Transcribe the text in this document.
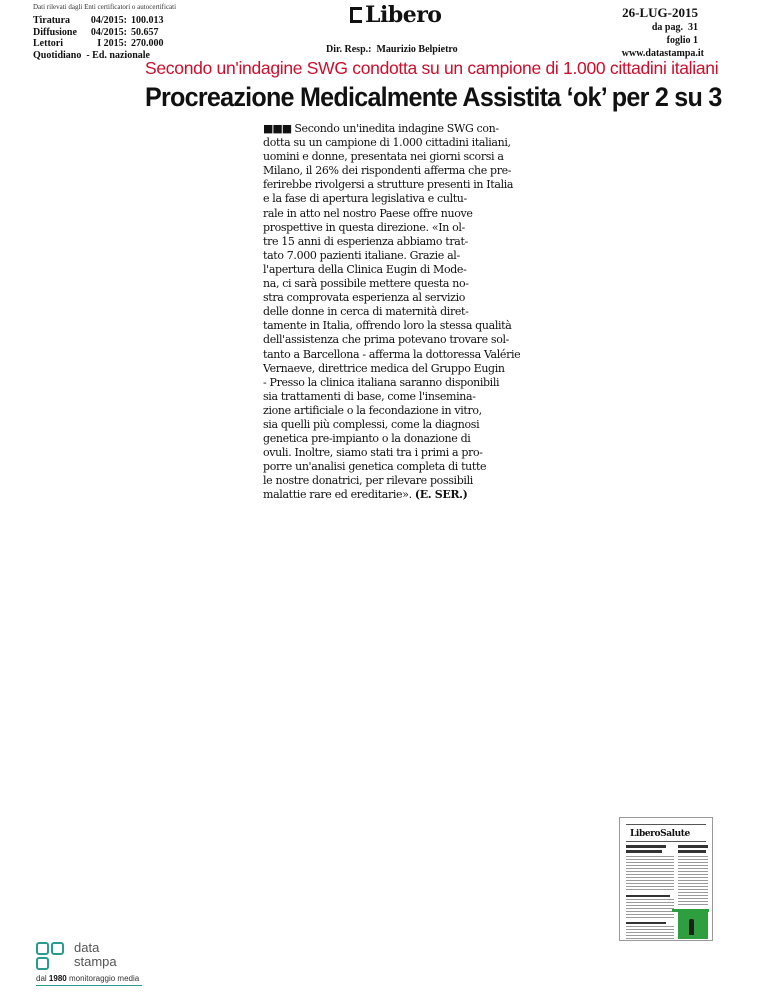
Dati rilevati dagli Enti certificatori o autocertificati
Tiratura	04/2015: 100.013
Diffusione	04/2015: 50.657
Lettori	I 2015: 270.000
Quotidiano  - Ed. nazionale
Libero
Dir. Resp.:  Maurizio Belpietro
26-LUG-2015
da pag.  31
foglio 1
www.datastampa.it
Secondo un'indagine SWG condotta su un campione di 1.000 cittadini italiani
Procreazione Medicalmente Assistita ‘ok’ per 2 su 3
■■■ Secondo un'inedita indagine SWG con-
dotta su un campione di 1.000 cittadini italiani,
uomini e donne, presentata nei giorni scorsi a
Milano, il 26% dei rispondenti afferma che pre-
ferirebbe rivolgersi a strutture presenti in Italia
e la fase di apertura legislativa e cultu-
rale in atto nel nostro Paese offre nuove
prospettive in questa direzione. «In ol-
tre 15 anni di esperienza abbiamo trat-
tato 7.000 pazienti italiane. Grazie al-
l'apertura della Clinica Eugin di Mode-
na, ci sarà possibile mettere questa no-
stra comprovata esperienza al servizio
delle donne in cerca di maternità diret-
tamente in Italia, offrendo loro la stessa qualità
dell'assistenza che prima potevano trovare sol-
tanto a Barcellona - afferma la dottoressa Valérie
Vernaeve, direttrice medica del Gruppo Eugin
- Presso la clinica italiana saranno disponibili
sia trattamenti di base, come l'insemina-
zione artificiale o la fecondazione in vitro,
sia quelli più complessi, come la diagnosi
genetica pre-impianto o la donazione di
ovuli. Inoltre, siamo stati tra i primi a pro-
porre un'analisi genetica completa di tutte
le nostre donatrici, per rilevare possibili
malattie rare ed ereditarie». (E. SER.)
LiberoSalute
data
stampa
dal 1980 monitoraggio media
